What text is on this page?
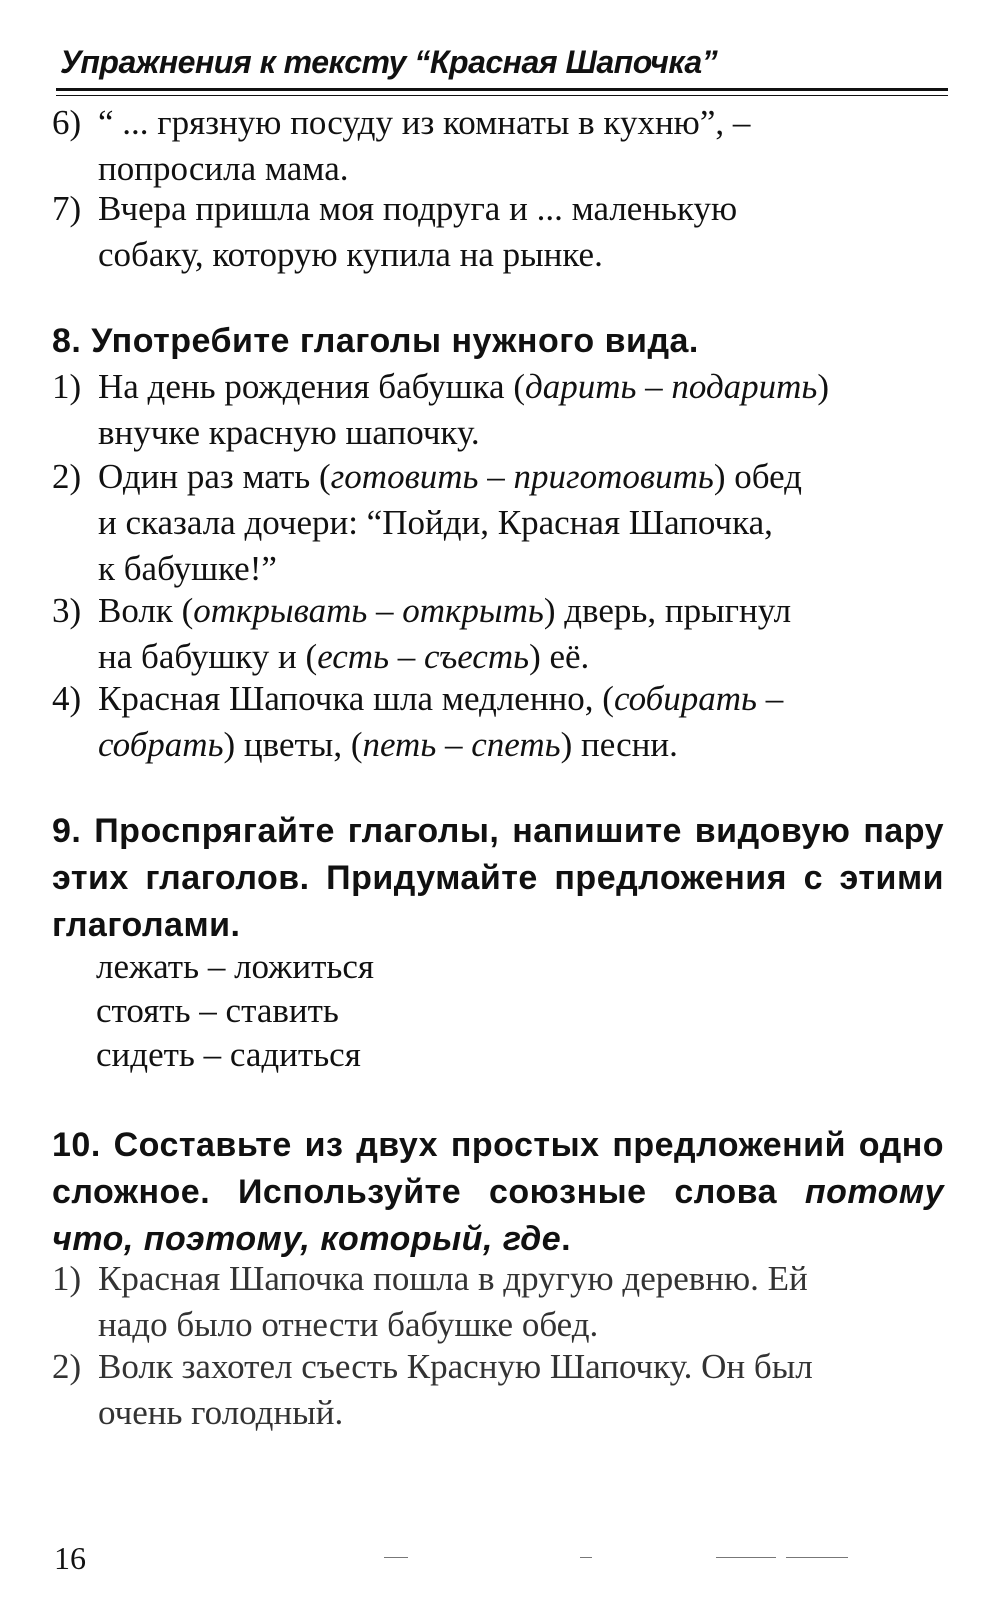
Упражнения к тексту “Красная Шапочка”
6) “ ... грязную посуду из комнаты в кухню”, –
попросила мама.
7) Вчера пришла моя подруга и ... маленькую
собаку, которую купила на рынке.
8. Употребите глаголы нужного вида.
1) На день рождения бабушка (дарить – подарить)
внучке красную шапочку.
2) Один раз мать (готовить – приготовить) обед
и сказала дочери: “Пойди, Красная Шапочка,
к бабушке!”
3) Волк (открывать – открыть) дверь, прыгнул
на бабушку и (есть – съесть) её.
4) Красная Шапочка шла медленно, (собирать –
собрать) цветы, (петь – спеть) песни.
9. Проспрягайте глаголы, напишите видовую пару этих глаголов. Придумайте предложения с этими глаголами.
лежать – ложиться
стоять – ставить
сидеть – садиться
10. Составьте из двух простых предложений одно сложное. Используйте союзные слова потому что, поэтому, который, где.
1) Красная Шапочка пошла в другую деревню. Ей
надо было отнести бабушке обед.
2) Волк захотел съесть Красную Шапочку. Он был
очень голодный.
16
